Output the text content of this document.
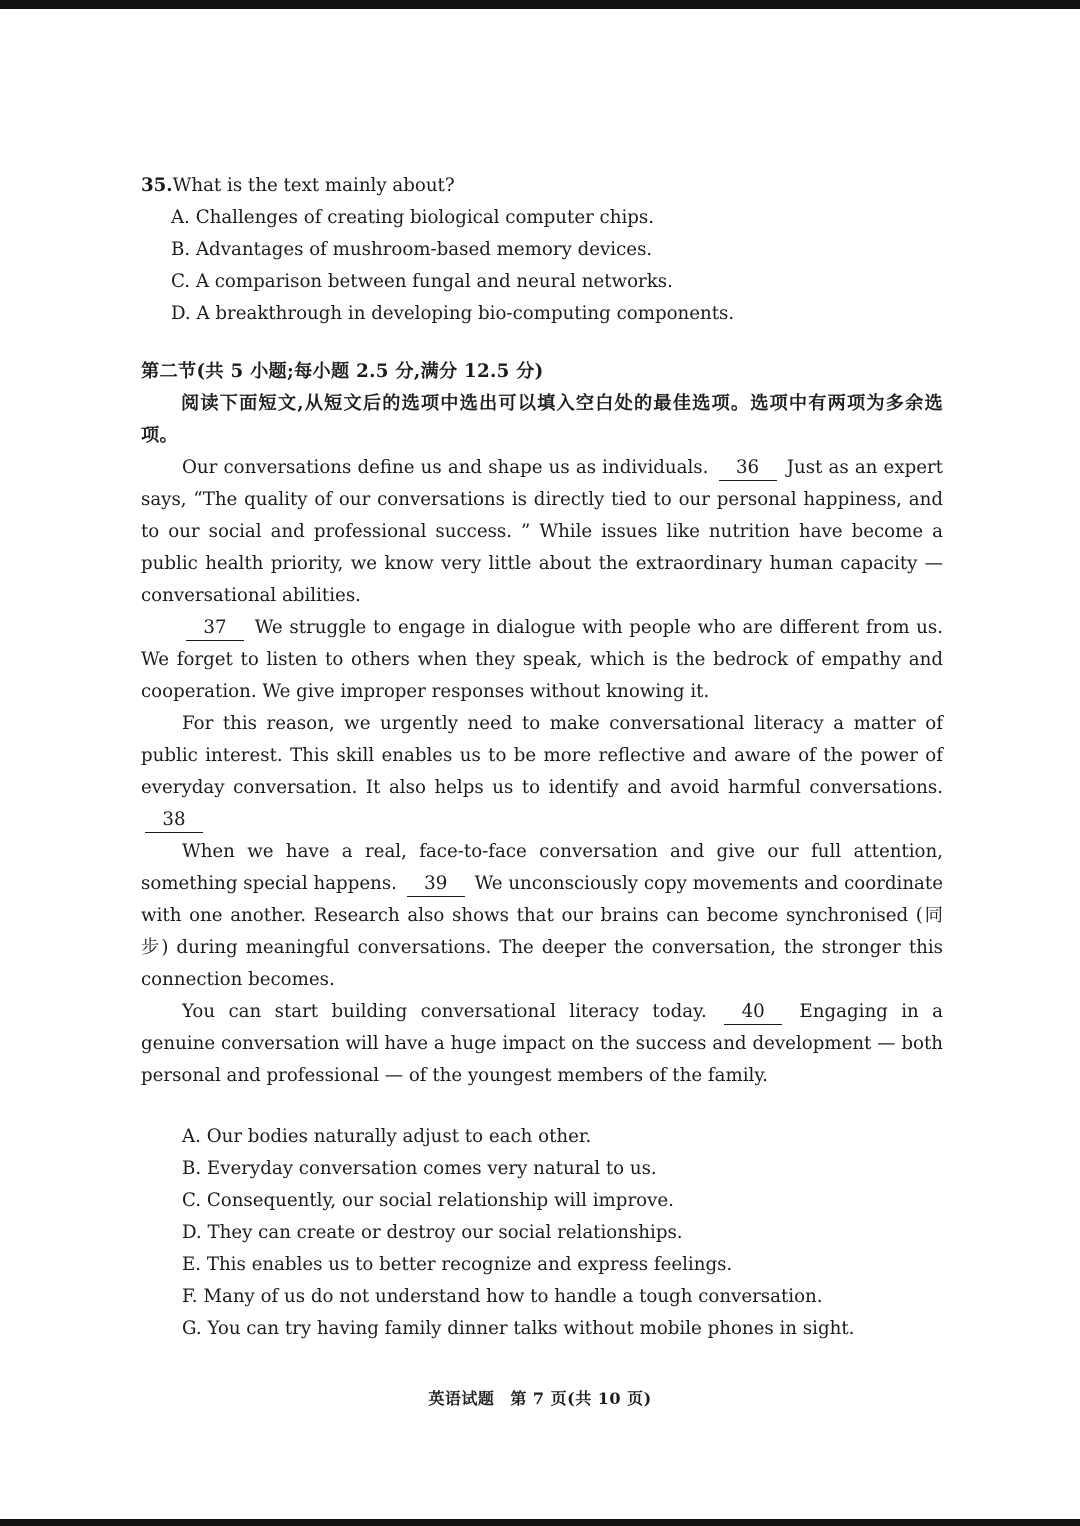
35.What is the text mainly about?

A. Challenges of creating biological computer chips.
B. Advantages of mushroom-based memory devices.
C. A comparison between fungal and neural networks.
D. A breakthrough in developing bio-computing components.
第二节(共 5 小题;每小题 2.5 分,满分 12.5 分)
阅读下面短文,从短文后的选项中选出可以填入空白处的最佳选项。选项中有两项为多余选项。

Our conversations define us and shape us as individuals. 36 Just as an expert says, “The quality of our conversations is directly tied to our personal happiness, and to our social and professional success. ” While issues like nutrition have become a public health priority, we know very little about the extraordinary human capacity — conversational abilities.

37 We struggle to engage in dialogue with people who are different from us. We forget to listen to others when they speak, which is the bedrock of empathy and cooperation. We give improper responses without knowing it.

For this reason, we urgently need to make conversational literacy a matter of public interest. This skill enables us to be more reflective and aware of the power of everyday conversation. It also helps us to identify and avoid harmful conversations. 38

When we have a real, face-to-face conversation and give our full attention, something special happens. 39 We unconsciously copy movements and coordinate with one another. Research also shows that our brains can become synchronised (同步) during meaningful conversations. The deeper the conversation, the stronger this connection becomes.

You can start building conversational literacy today. 40 Engaging in a genuine conversation will have a huge impact on the success and development — both personal and professional — of the youngest members of the family.

A. Our bodies naturally adjust to each other.
B. Everyday conversation comes very natural to us.
C. Consequently, our social relationship will improve.
D. They can create or destroy our social relationships.
E. This enables us to better recognize and express feelings.
F. Many of us do not understand how to handle a tough conversation.
G. You can try having family dinner talks without mobile phones in sight.
英语试题 第 7 页(共 10 页)
